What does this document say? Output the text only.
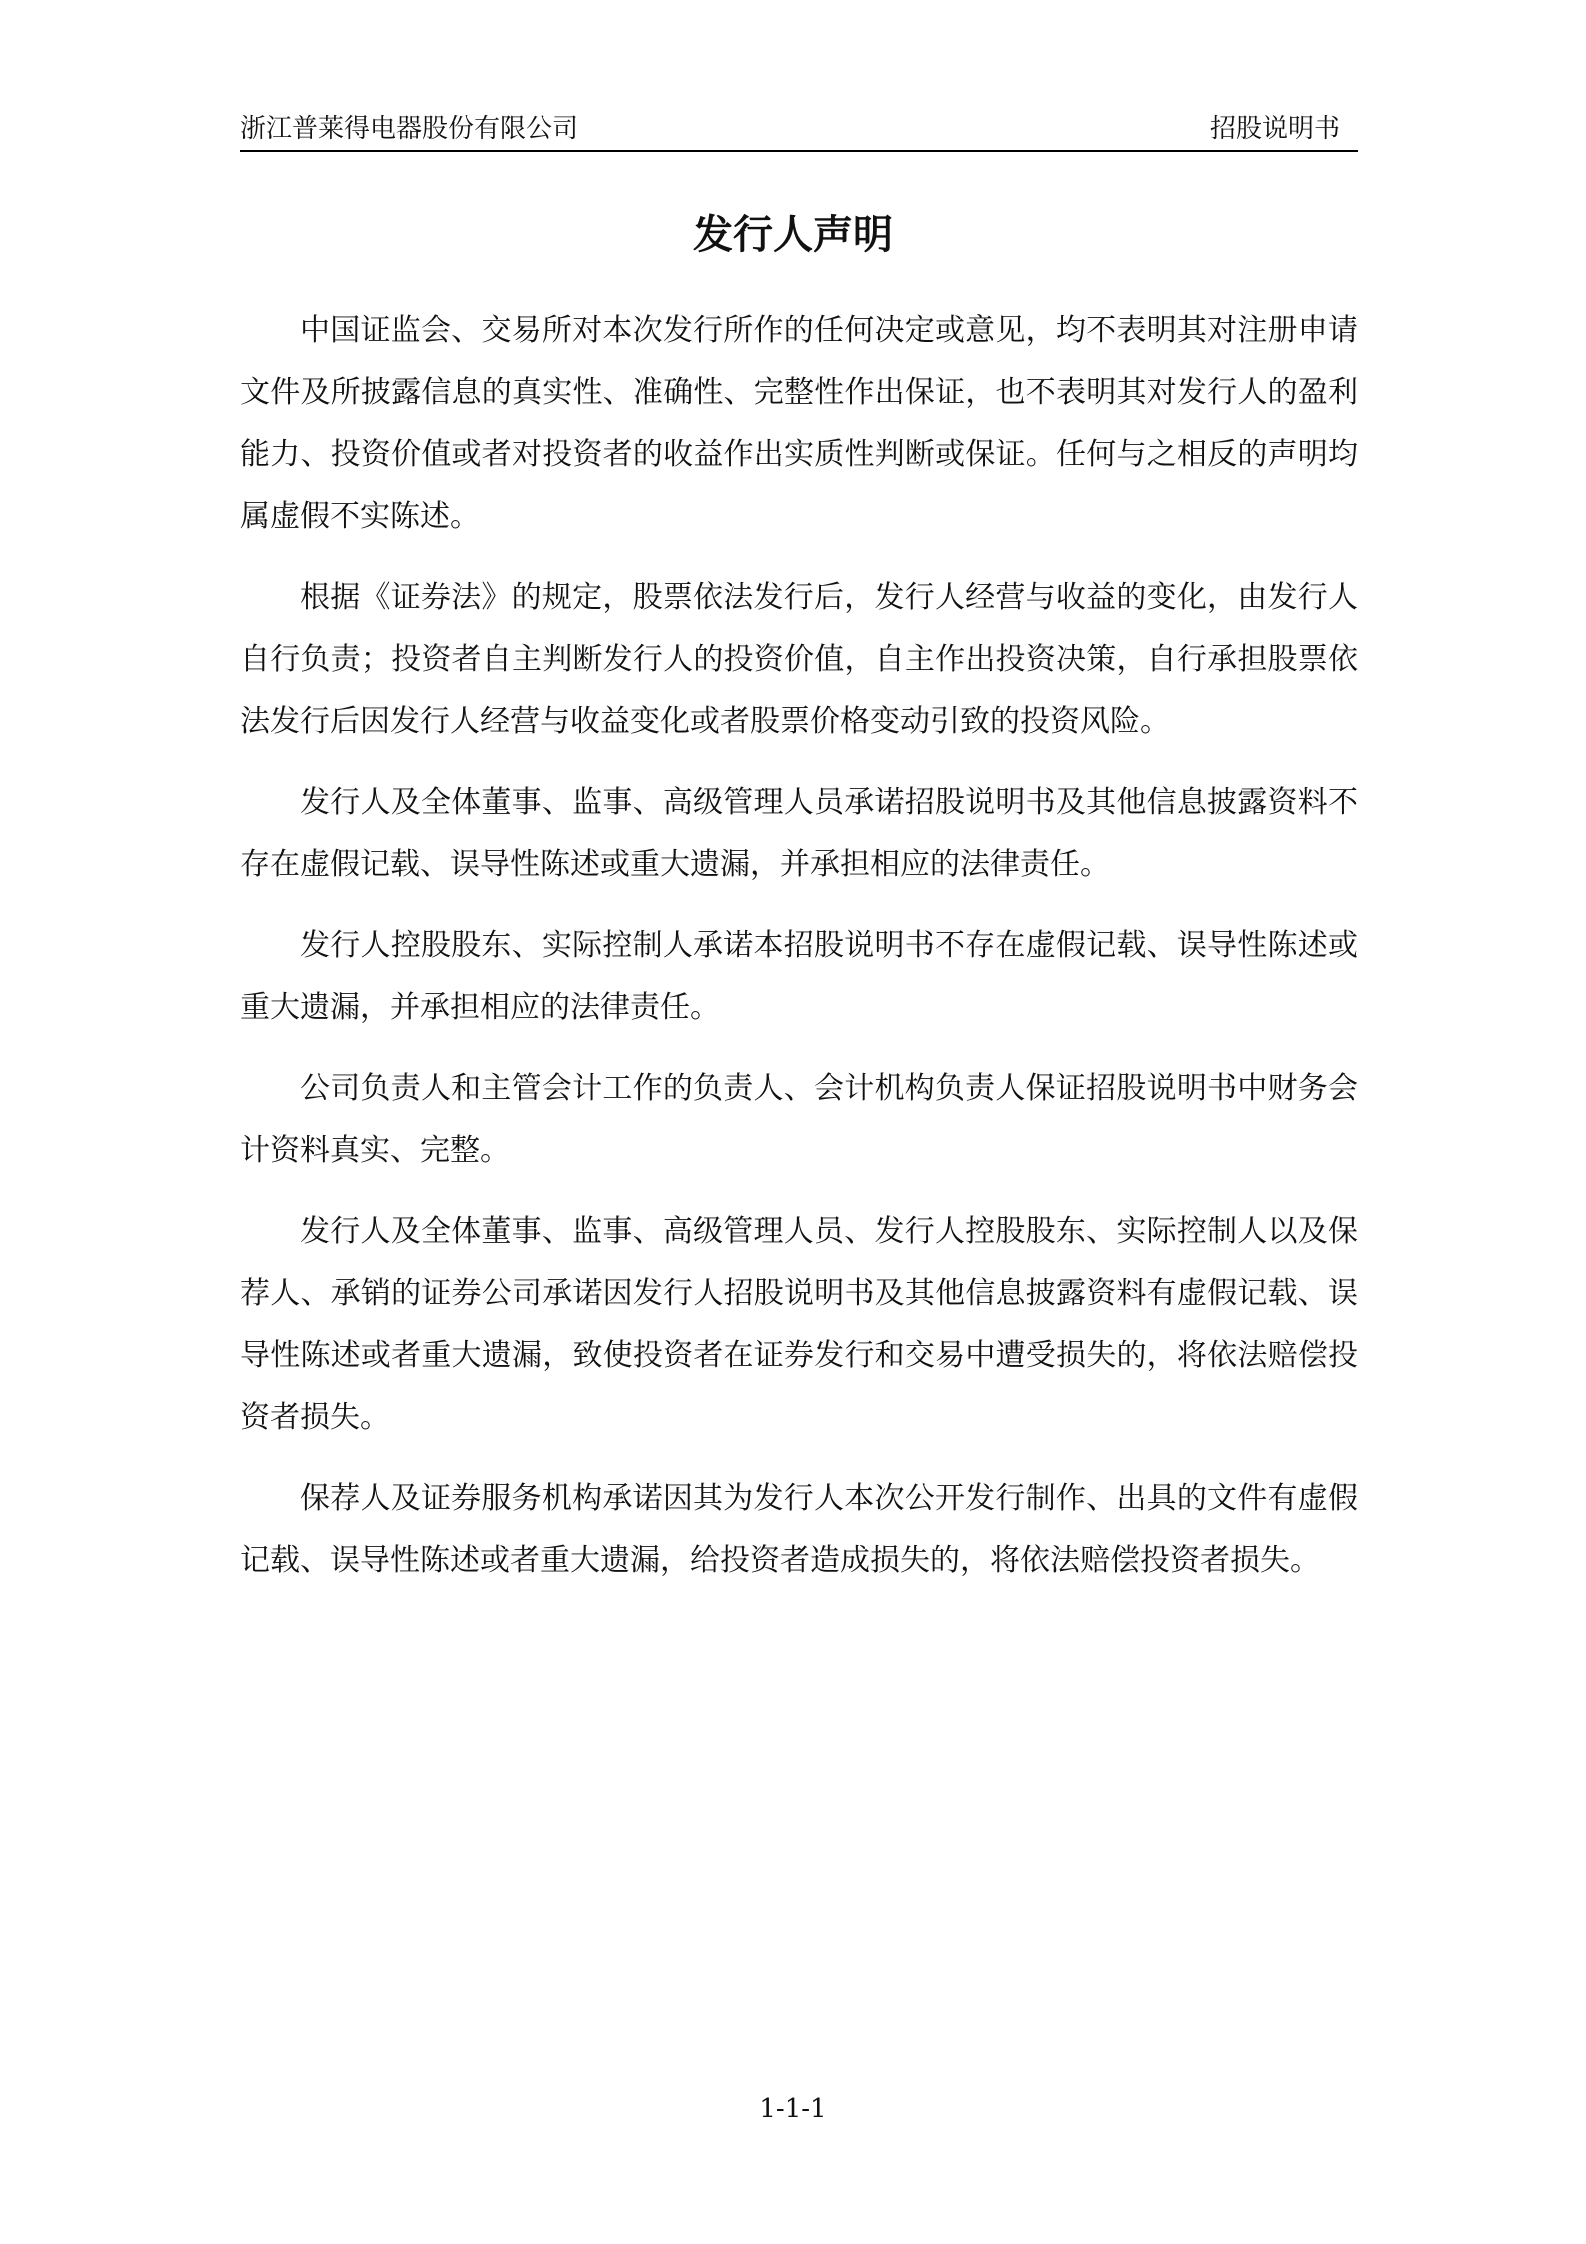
浙江普莱得电器股份有限公司	招股说明书
发行人声明

中国证监会、交易所对本次发行所作的任何决定或意见，均不表明其对注册申请文件及所披露信息的真实性、准确性、完整性作出保证，也不表明其对发行人的盈利能力、投资价值或者对投资者的收益作出实质性判断或保证。任何与之相反的声明均属虚假不实陈述。

根据《证券法》的规定，股票依法发行后，发行人经营与收益的变化，由发行人自行负责；投资者自主判断发行人的投资价值，自主作出投资决策，自行承担股票依法发行后因发行人经营与收益变化或者股票价格变动引致的投资风险。

发行人及全体董事、监事、高级管理人员承诺招股说明书及其他信息披露资料不存在虚假记载、误导性陈述或重大遗漏，并承担相应的法律责任。

发行人控股股东、实际控制人承诺本招股说明书不存在虚假记载、误导性陈述或重大遗漏，并承担相应的法律责任。

公司负责人和主管会计工作的负责人、会计机构负责人保证招股说明书中财务会计资料真实、完整。

发行人及全体董事、监事、高级管理人员、发行人控股股东、实际控制人以及保荐人、承销的证券公司承诺因发行人招股说明书及其他信息披露资料有虚假记载、误导性陈述或者重大遗漏，致使投资者在证券发行和交易中遭受损失的，将依法赔偿投资者损失。

保荐人及证券服务机构承诺因其为发行人本次公开发行制作、出具的文件有虚假记载、误导性陈述或者重大遗漏，给投资者造成损失的，将依法赔偿投资者损失。

1-1-1
